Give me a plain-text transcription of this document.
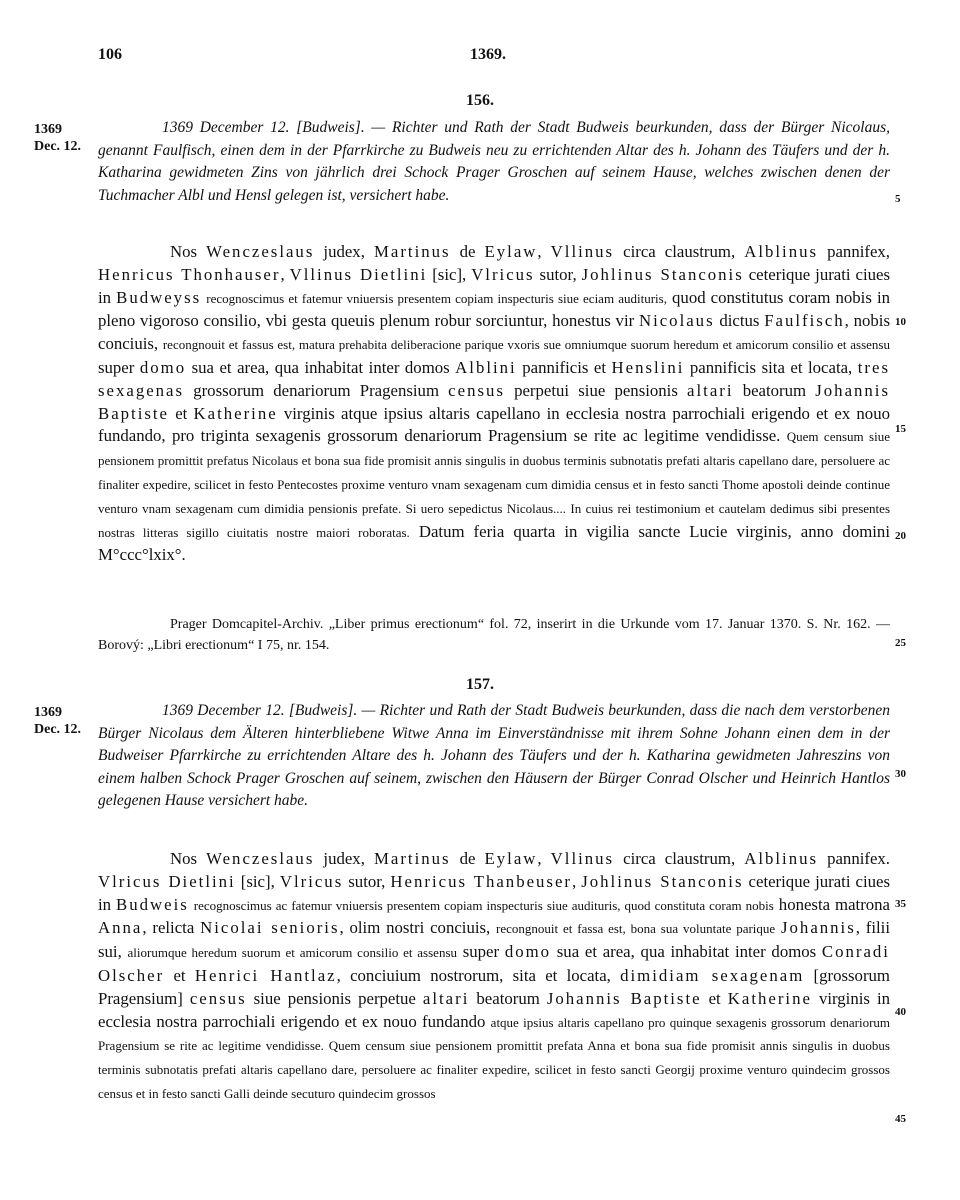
106	1369.
156.
1369
Dec. 12.
1369 December 12. [Budweis]. — Richter und Rath der Stadt Budweis beurkunden, dass der Bürger Nicolaus, genannt Faulfisch, einen dem in der Pfarrkirche zu Budweis neu zu errichtenden Altar des h. Johann des Täufers und der h. Katharina gewidmeten Zins von jährlich drei Schock Prager Groschen auf seinem Hause, welches zwischen denen der Tuchmacher Albl und Hensl gelegen ist, versichert habe.
Nos Wenczeslaus judex, Martinus de Eylaw, Vllinus circa claustrum, Alblinus pannifex, Henricus Thonhauser, Vllinus Dietlini [sic], Vlricus sutor, Johlinus Stanconis ceterique jurati ciues in Budweyss recognoscimus et fatemur vniuersis presentem copiam inspecturis siue eciam audituris, quod constitutus coram nobis in pleno vigoroso consilio, vbi gesta queuis plenum robur sorciuntur, honestus vir Nicolaus dictus Faulfisch, nobis conciuis, recongnouit et fassus est, matura prehabita deliberacione parique vxoris sue omniumque suorum heredum et amicorum consilio et assensu super domo sua et area, qua inhabitat inter domos Alblini pannificis et Henslini pannificis sita et locata, tres sexagenas grossorum denariorum Pragensium census perpetui siue pensionis altari beatorum Johannis Baptiste et Katherine virginis atque ipsius altaris capellano in ecclesia nostra parrochiali erigendo et ex nouo fundando, pro triginta sexagenis grossorum denariorum Pragensium se rite ac legitime vendidisse. Quem censum siue pensionem promittit prefatus Nicolaus et bona sua fide promisit annis singulis in duobus terminis subnotatis prefati altaris capellano dare, persoluere ac finaliter expedire, scilicet in festo Pentecostes proxime venturo vnam sexagenam cum dimidia census et in festo sancti Thome apostoli deinde continue venturo vnam sexagenam cum dimidia pensionis prefate. Si uero sepedictus Nicolaus.... In cuius rei testimonium et cautelam dedimus sibi presentes nostras litteras sigillo ciuitatis nostre maiori roboratas. Datum feria quarta in vigilia sancte Lucie virginis, anno domini M°ccc°lxix°.
Prager Domcapitel-Archiv. „Liber primus erectionum“ fol. 72, inserirt in die Urkunde vom 17. Januar 1370. S. Nr. 162. — Borový: „Libri erectionum“ I 75, nr. 154.
157.
1369
Dec. 12.
1369 December 12. [Budweis]. — Richter und Rath der Stadt Budweis beurkunden, dass die nach dem verstorbenen Bürger Nicolaus dem Älteren hinterbliebene Witwe Anna im Einverständnisse mit ihrem Sohne Johann einen dem in der Budweiser Pfarrkirche zu errichtenden Altare des h. Johann des Täufers und der h. Katharina gewidmeten Jahreszins von einem halben Schock Prager Groschen auf seinem, zwischen den Häusern der Bürger Conrad Olscher und Heinrich Hantlos gelegenen Hause versichert habe.
Nos Wenczeslaus judex, Martinus de Eylaw, Vllinus circa claustrum, Alblinus pannifex. Vlricus Dietlini [sic], Vlricus sutor, Henricus Thanbeuser, Johlinus Stanconis ceterique jurati ciues in Budweis recognoscimus ac fatemur vniuersis presentem copiam inspecturis siue audituris, quod constituta coram nobis honesta matrona Anna, relicta Nicolai senioris, olim nostri conciuis, recongnouit et fassa est, bona sua voluntate parique Johannis, filii sui, aliorumque heredum suorum et amicorum consilio et assensu super domo sua et area, qua inhabitat inter domos Conradi Olscher et Henrici Hantlaz, conciuium nostrorum, sita et locata, dimidiam sexagenam [grossorum Pragensium] census siue pensionis perpetue altari beatorum Johannis Baptiste et Katherine virginis in ecclesia nostra parrochiali erigendo et ex nouo fundando atque ipsius altaris capellano pro quinque sexagenis grossorum denariorum Pragensium se rite ac legitime vendidisse. Quem censum siue pensionem promittit prefata Anna et bona sua fide promisit annis singulis in duobus terminis subnotatis prefati altaris capellano dare, persoluere ac finaliter expedire, scilicet in festo sancti Georgij proxime venturo quindecim grossos census et in festo sancti Galli deinde secuturo quindecim grossos
5
10
15
20
25
30
35
40
45
